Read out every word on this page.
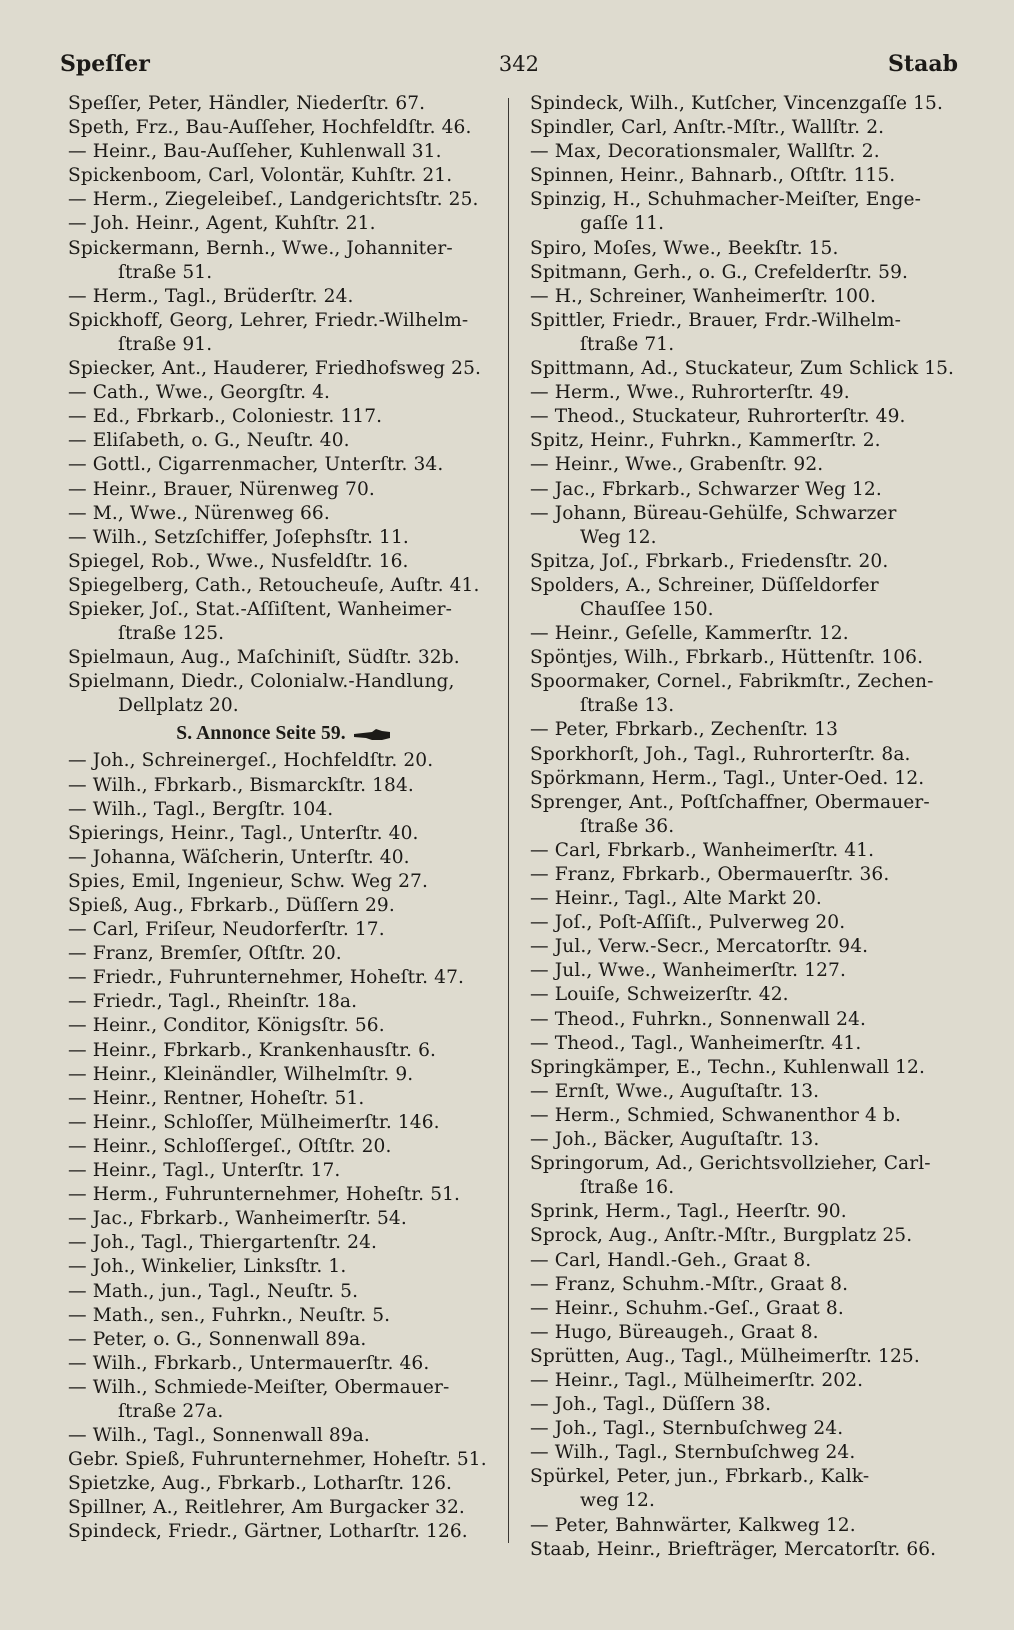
Speſſer	342	Staab
Speſſer, Peter, Händler, Niederſtr. 67.
Speth, Frz., Bau-Auſſeher, Hochfeldſtr. 46.
— Heinr., Bau-Auſſeher, Kuhlenwall 31.
Spickenboom, Carl, Volontär, Kuhſtr. 21.
— Herm., Ziegeleibeſ., Landgerichtsſtr. 25.
— Joh. Heinr., Agent, Kuhſtr. 21.
Spickermann, Bernh., Wwe., Johanniter-
ſtraße 51.
— Herm., Tagl., Brüderſtr. 24.
Spickhoff, Georg, Lehrer, Friedr.-Wilhelm-
ſtraße 91.
Spiecker, Ant., Hauderer, Friedhofsweg 25.
— Cath., Wwe., Georgſtr. 4.
— Ed., Fbrkarb., Coloniestr. 117.
— Eliſabeth, o. G., Neuſtr. 40.
— Gottl., Cigarrenmacher, Unterſtr. 34.
— Heinr., Brauer, Nürenweg 70.
— M., Wwe., Nürenweg 66.
— Wilh., Setzſchiffer, Joſephsſtr. 11.
Spiegel, Rob., Wwe., Nusfeldſtr. 16.
Spiegelberg, Cath., Retoucheuſe, Auſtr. 41.
Spieker, Joſ., Stat.-Aſſiſtent, Wanheimer-
ſtraße 125.
Spielmaun, Aug., Maſchiniſt, Südſtr. 32b.
Spielmann, Diedr., Colonialw.-Handlung,
Dellplatz 20.
S. Annonce Seite 59.
— Joh., Schreinergeſ., Hochfeldſtr. 20.
— Wilh., Fbrkarb., Bismarckſtr. 184.
— Wilh., Tagl., Bergſtr. 104.
Spierings, Heinr., Tagl., Unterſtr. 40.
— Johanna, Wäſcherin, Unterſtr. 40.
Spies, Emil, Ingenieur, Schw. Weg 27.
Spieß, Aug., Fbrkarb., Düſſern 29.
— Carl, Friſeur, Neudorferſtr. 17.
— Franz, Bremſer, Oſtſtr. 20.
— Friedr., Fuhrunternehmer, Hoheſtr. 47.
— Friedr., Tagl., Rheinſtr. 18a.
— Heinr., Conditor, Königsſtr. 56.
— Heinr., Fbrkarb., Krankenhausſtr. 6.
— Heinr., Kleinändler, Wilhelmſtr. 9.
— Heinr., Rentner, Hoheſtr. 51.
— Heinr., Schloſſer, Mülheimerſtr. 146.
— Heinr., Schloſſergeſ., Oſtſtr. 20.
— Heinr., Tagl., Unterſtr. 17.
— Herm., Fuhrunternehmer, Hoheſtr. 51.
— Jac., Fbrkarb., Wanheimerſtr. 54.
— Joh., Tagl., Thiergartenſtr. 24.
— Joh., Winkelier, Linksſtr. 1.
— Math., jun., Tagl., Neuſtr. 5.
— Math., sen., Fuhrkn., Neuſtr. 5.
— Peter, o. G., Sonnenwall 89a.
— Wilh., Fbrkarb., Untermauerſtr. 46.
— Wilh., Schmiede-Meiſter, Obermauer-
ſtraße 27a.
— Wilh., Tagl., Sonnenwall 89a.
Gebr. Spieß, Fuhrunternehmer, Hoheſtr. 51.
Spietzke, Aug., Fbrkarb., Lotharſtr. 126.
Spillner, A., Reitlehrer, Am Burgacker 32.
Spindeck, Friedr., Gärtner, Lotharſtr. 126.
Spindeck, Wilh., Kutſcher, Vincenzgaſſe 15.
Spindler, Carl, Anſtr.-Mſtr., Wallſtr. 2.
— Max, Decorationsmaler, Wallſtr. 2.
Spinnen, Heinr., Bahnarb., Oſtſtr. 115.
Spinzig, H., Schuhmacher-Meiſter, Enge-
gaſſe 11.
Spiro, Moſes, Wwe., Beekſtr. 15.
Spitmann, Gerh., o. G., Crefelderſtr. 59.
— H., Schreiner, Wanheimerſtr. 100.
Spittler, Friedr., Brauer, Frdr.-Wilhelm-
ſtraße 71.
Spittmann, Ad., Stuckateur, Zum Schlick 15.
— Herm., Wwe., Ruhrorterſtr. 49.
— Theod., Stuckateur, Ruhrorterſtr. 49.
Spitz, Heinr., Fuhrkn., Kammerſtr. 2.
— Heinr., Wwe., Grabenſtr. 92.
— Jac., Fbrkarb., Schwarzer Weg 12.
— Johann, Büreau-Gehülfe, Schwarzer
Weg 12.
Spitza, Joſ., Fbrkarb., Friedensſtr. 20.
Spolders, A., Schreiner, Düſſeldorfer
Chauſſee 150.
— Heinr., Geſelle, Kammerſtr. 12.
Spöntjes, Wilh., Fbrkarb., Hüttenſtr. 106.
Spoormaker, Cornel., Fabrikmſtr., Zechen-
ſtraße 13.
— Peter, Fbrkarb., Zechenſtr. 13
Sporkhorſt, Joh., Tagl., Ruhrorterſtr. 8a.
Spörkmann, Herm., Tagl., Unter-Oed. 12.
Sprenger, Ant., Poſtſchaffner, Obermauer-
ſtraße 36.
— Carl, Fbrkarb., Wanheimerſtr. 41.
— Franz, Fbrkarb., Obermauerſtr. 36.
— Heinr., Tagl., Alte Markt 20.
— Joſ., Poſt-Aſſiſt., Pulverweg 20.
— Jul., Verw.-Secr., Mercatorſtr. 94.
— Jul., Wwe., Wanheimerſtr. 127.
— Louiſe, Schweizerſtr. 42.
— Theod., Fuhrkn., Sonnenwall 24.
— Theod., Tagl., Wanheimerſtr. 41.
Springkämper, E., Techn., Kuhlenwall 12.
— Ernſt, Wwe., Auguſtaſtr. 13.
— Herm., Schmied, Schwanenthor 4 b.
— Joh., Bäcker, Auguſtaſtr. 13.
Springorum, Ad., Gerichtsvollzieher, Carl-
ſtraße 16.
Sprink, Herm., Tagl., Heerſtr. 90.
Sprock, Aug., Anſtr.-Mſtr., Burgplatz 25.
— Carl, Handl.-Geh., Graat 8.
— Franz, Schuhm.-Mſtr., Graat 8.
— Heinr., Schuhm.-Geſ., Graat 8.
— Hugo, Büreaugeh., Graat 8.
Sprütten, Aug., Tagl., Mülheimerſtr. 125.
— Heinr., Tagl., Mülheimerſtr. 202.
— Joh., Tagl., Düſſern 38.
— Joh., Tagl., Sternbuſchweg 24.
— Wilh., Tagl., Sternbuſchweg 24.
Spürkel, Peter, jun., Fbrkarb., Kalk-
weg 12.
— Peter, Bahnwärter, Kalkweg 12.
Staab, Heinr., Briefträger, Mercatorſtr. 66.
